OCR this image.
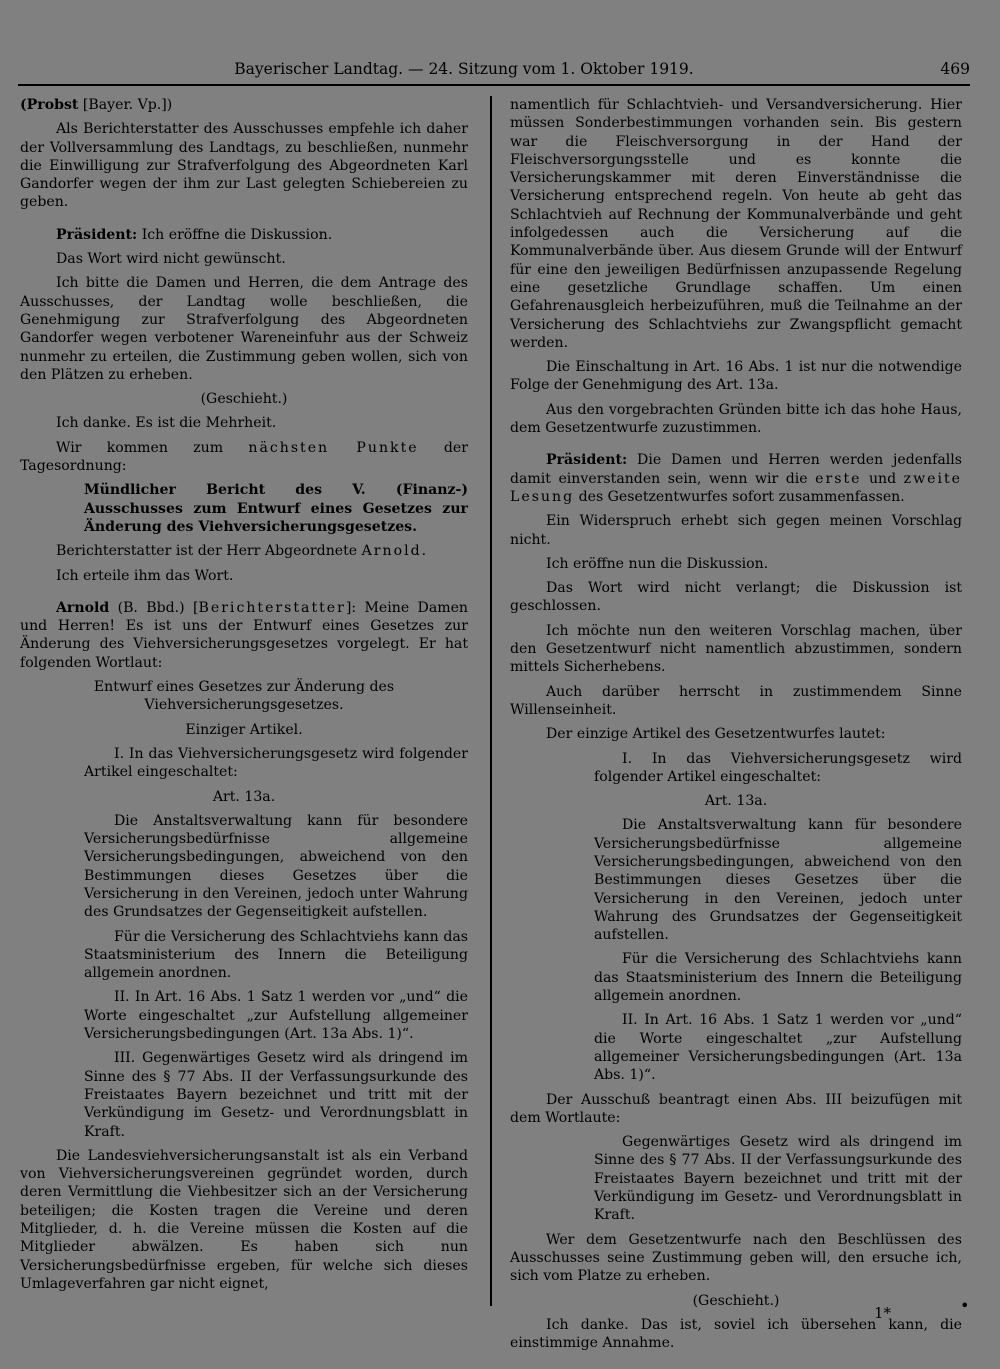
Bayerischer Landtag. — 24. Sitzung vom 1. Oktober 1919.	469

(Probst [Bayer. Vp.])

Als Berichterstatter des Ausschusses empfehle ich daher der Vollversammlung des Landtags, zu beschließen, nunmehr die Einwilligung zur Strafverfolgung des Abgeordneten Karl Gandorfer wegen der ihm zur Last gelegten Schiebereien zu geben.

Präsident: Ich eröffne die Diskussion.

Das Wort wird nicht gewünscht.

Ich bitte die Damen und Herren, die dem Antrage des Ausschusses, der Landtag wolle beschließen, die Genehmigung zur Strafverfolgung des Abgeordneten Gandorfer wegen verbotener Wareneinfuhr aus der Schweiz nunmehr zu erteilen, die Zustimmung geben wollen, sich von den Plätzen zu erheben.

(Geschieht.)

Ich danke. Es ist die Mehrheit.

Wir kommen zum nächsten Punkte der Tagesordnung:

Mündlicher Bericht des V. (Finanz-) Ausschusses zum Entwurf eines Gesetzes zur Änderung des Viehversicherungsgesetzes.

Berichterstatter ist der Herr Abgeordnete Arnold.

Ich erteile ihm das Wort.

Arnold (B. Bbd.) [Berichterstatter]: Meine Damen und Herren! Es ist uns der Entwurf eines Gesetzes zur Änderung des Viehversicherungsgesetzes vorgelegt. Er hat folgenden Wortlaut:

Entwurf eines Gesetzes zur Änderung des Viehversicherungsgesetzes.

Einziger Artikel.

I. In das Viehversicherungsgesetz wird folgender Artikel eingeschaltet:

Art. 13a.

Die Anstaltsverwaltung kann für besondere Versicherungsbedürfnisse allgemeine Versicherungsbedingungen, abweichend von den Bestimmungen dieses Gesetzes über die Versicherung in den Vereinen, jedoch unter Wahrung des Grundsatzes der Gegenseitigkeit aufstellen.

Für die Versicherung des Schlachtviehs kann das Staatsministerium des Innern die Beteiligung allgemein anordnen.

II. In Art. 16 Abs. 1 Satz 1 werden vor „und“ die Worte eingeschaltet „zur Aufstellung allgemeiner Versicherungsbedingungen (Art. 13a Abs. 1)“.

III. Gegenwärtiges Gesetz wird als dringend im Sinne des § 77 Abs. II der Verfassungsurkunde des Freistaates Bayern bezeichnet und tritt mit der Verkündigung im Gesetz- und Verordnungsblatt in Kraft.

Die Landesviehversicherungsanstalt ist als ein Verband von Viehversicherungsvereinen gegründet worden, durch deren Vermittlung die Viehbesitzer sich an der Versicherung beteiligen; die Kosten tragen die Vereine und deren Mitglieder, d. h. die Vereine müssen die Kosten auf die Mitglieder abwälzen. Es haben sich nun Versicherungsbedürfnisse ergeben, für welche sich dieses Umlageverfahren gar nicht eignet,

namentlich für Schlachtvieh- und Versandversicherung. Hier müssen Sonderbestimmungen vorhanden sein. Bis gestern war die Fleischversorgung in der Hand der Fleischversorgungsstelle und es konnte die Versicherungskammer mit deren Einverständnisse die Versicherung entsprechend regeln. Von heute ab geht das Schlachtvieh auf Rechnung der Kommunalverbände und geht infolgedessen auch die Versicherung auf die Kommunalverbände über. Aus diesem Grunde will der Entwurf für eine den jeweiligen Bedürfnissen anzupassende Regelung eine gesetzliche Grundlage schaffen. Um einen Gefahrenausgleich herbeizuführen, muß die Teilnahme an der Versicherung des Schlachtviehs zur Zwangspflicht gemacht werden.

Die Einschaltung in Art. 16 Abs. 1 ist nur die notwendige Folge der Genehmigung des Art. 13a.

Aus den vorgebrachten Gründen bitte ich das hohe Haus, dem Gesetzentwurfe zuzustimmen.

Präsident: Die Damen und Herren werden jedenfalls damit einverstanden sein, wenn wir die erste und zweite Lesung des Gesetzentwurfes sofort zusammenfassen.

Ein Widerspruch erhebt sich gegen meinen Vorschlag nicht.

Ich eröffne nun die Diskussion.

Das Wort wird nicht verlangt; die Diskussion ist geschlossen.

Ich möchte nun den weiteren Vorschlag machen, über den Gesetzentwurf nicht namentlich abzustimmen, sondern mittels Sicherhebens.

Auch darüber herrscht in zustimmendem Sinne Willenseinheit.

Der einzige Artikel des Gesetzentwurfes lautet:

I. In das Viehversicherungsgesetz wird folgender Artikel eingeschaltet:

Art. 13a.

Die Anstaltsverwaltung kann für besondere Versicherungsbedürfnisse allgemeine Versicherungsbedingungen, abweichend von den Bestimmungen dieses Gesetzes über die Versicherung in den Vereinen, jedoch unter Wahrung des Grundsatzes der Gegenseitigkeit aufstellen.

Für die Versicherung des Schlachtviehs kann das Staatsministerium des Innern die Beteiligung allgemein anordnen.

II. In Art. 16 Abs. 1 Satz 1 werden vor „und“ die Worte eingeschaltet „zur Aufstellung allgemeiner Versicherungsbedingungen (Art. 13a Abs. 1)“.

Der Ausschuß beantragt einen Abs. III beizufügen mit dem Wortlaute:

Gegenwärtiges Gesetz wird als dringend im Sinne des § 77 Abs. II der Verfassungsurkunde des Freistaates Bayern bezeichnet und tritt mit der Verkündigung im Gesetz- und Verordnungsblatt in Kraft.

Wer dem Gesetzentwurfe nach den Beschlüssen des Ausschusses seine Zustimmung geben will, den ersuche ich, sich vom Platze zu erheben.

(Geschieht.)

Ich danke. Das ist, soviel ich übersehen kann, die einstimmige Annahme.

1*	•
